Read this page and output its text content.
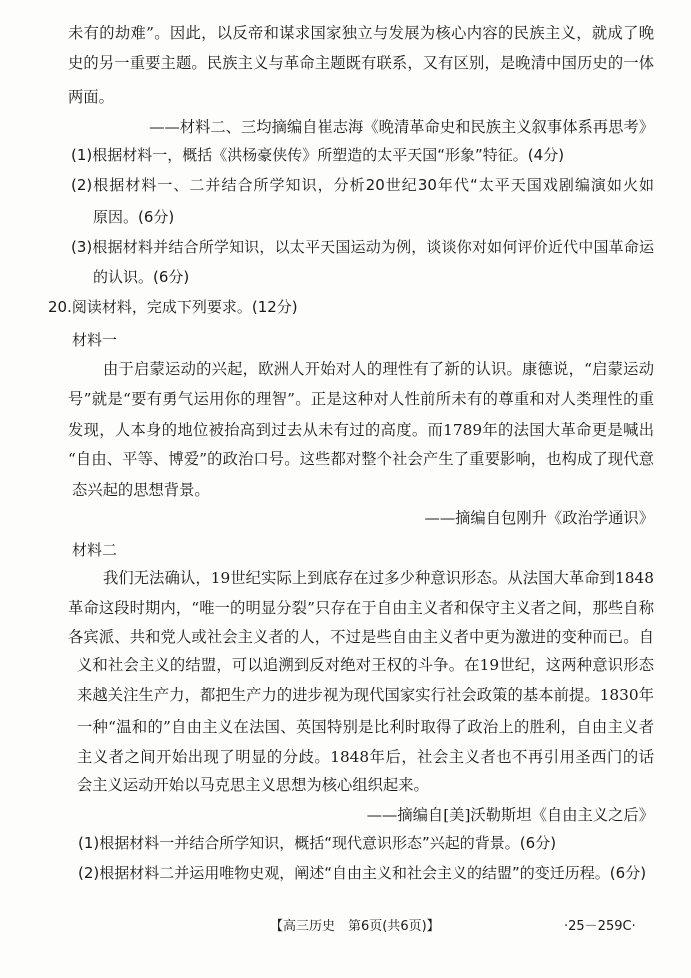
未有的劫难”。因此，以反帝和谋求国家独立与发展为核心内容的民族主义，就成了晚
史的另一重要主题。民族主义与革命主题既有联系，又有区别，是晚清中国历史的一体
两面。
——材料二、三均摘编自崔志海《晚清革命史和民族主义叙事体系再思考》
(1)根据材料一，概括《洪杨豪侠传》所塑造的太平天国“形象”特征。(4分)
(2)根据材料一、二并结合所学知识，分析20世纪30年代“太平天国戏剧编演如火如
原因。(6分)
(3)根据材料并结合所学知识，以太平天国运动为例，谈谈你对如何评价近代中国革命运
的认识。(6分)
20.阅读材料，完成下列要求。(12分)
材料一
由于启蒙运动的兴起，欧洲人开始对人的理性有了新的认识。康德说，“启蒙运动
号”就是“要有勇气运用你的理智”。正是这种对人性前所未有的尊重和对人类理性的重
发现，人本身的地位被抬高到过去从未有过的高度。而1789年的法国大革命更是喊出
“自由、平等、博爱”的政治口号。这些都对整个社会产生了重要影响，也构成了现代意
态兴起的思想背景。
——摘编自包刚升《政治学通识》
材料二
我们无法确认，19世纪实际上到底存在过多少种意识形态。从法国大革命到1848
革命这段时期内，“唯一的明显分裂”只存在于自由主义者和保守主义者之间，那些自称
各宾派、共和党人或社会主义者的人，不过是些自由主义者中更为激进的变种而已。自
义和社会主义的结盟，可以追溯到反对绝对王权的斗争。在19世纪，这两种意识形态
来越关注生产力，都把生产力的进步视为现代国家实行社会政策的基本前提。1830年
一种“温和的”自由主义在法国、英国特别是比利时取得了政治上的胜利，自由主义者
主义者之间开始出现了明显的分歧。1848年后，社会主义者也不再引用圣西门的话
会主义运动开始以马克思主义思想为核心组织起来。
——摘编自[美]沃勒斯坦《自由主义之后》
(1)根据材料一并结合所学知识，概括“现代意识形态”兴起的背景。(6分)
(2)根据材料二并运用唯物史观，阐述“自由主义和社会主义的结盟”的变迁历程。(6分)
【高三历史　第6页(共6页)】	·25－259C·
